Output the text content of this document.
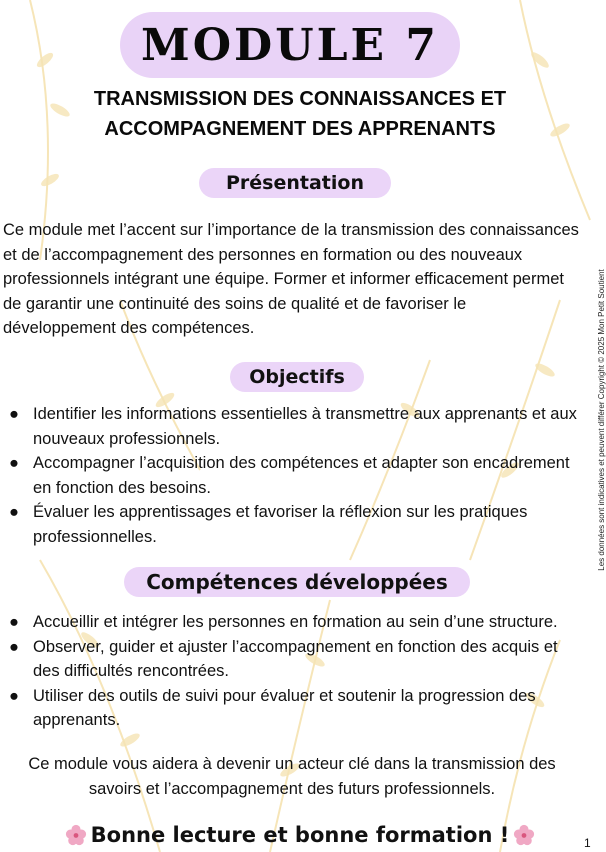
MODULE 7
TRANSMISSION DES CONNAISSANCES ET
ACCOMPAGNEMENT DES APPRENANTS
Présentation
Ce module met l’accent sur l’importance de la transmission des connaissances et de l’accompagnement des personnes en formation ou des nouveaux professionnels intégrant une équipe. Former et informer efficacement permet de garantir une continuité des soins de qualité et de favoriser le développement des compétences.
Objectifs
● Identifier les informations essentielles à transmettre aux apprenants et aux nouveaux professionnels.
● Accompagner l’acquisition des compétences et adapter son encadrement en fonction des besoins.
● Évaluer les apprentissages et favoriser la réflexion sur les pratiques professionnelles.
Compétences développées
● Accueillir et intégrer les personnes en formation au sein d’une structure.
● Observer, guider et ajuster l’accompagnement en fonction des acquis et des difficultés rencontrées.
● Utiliser des outils de suivi pour évaluer et soutenir la progression des apprenants.
Ce module vous aidera à devenir un acteur clé dans la transmission des
savoirs et l’accompagnement des futurs professionnels.
Bonne lecture et bonne formation !	1
Les données sont indicatives et peuvent différer Copyright © 2025 Mon Petit Soutient
